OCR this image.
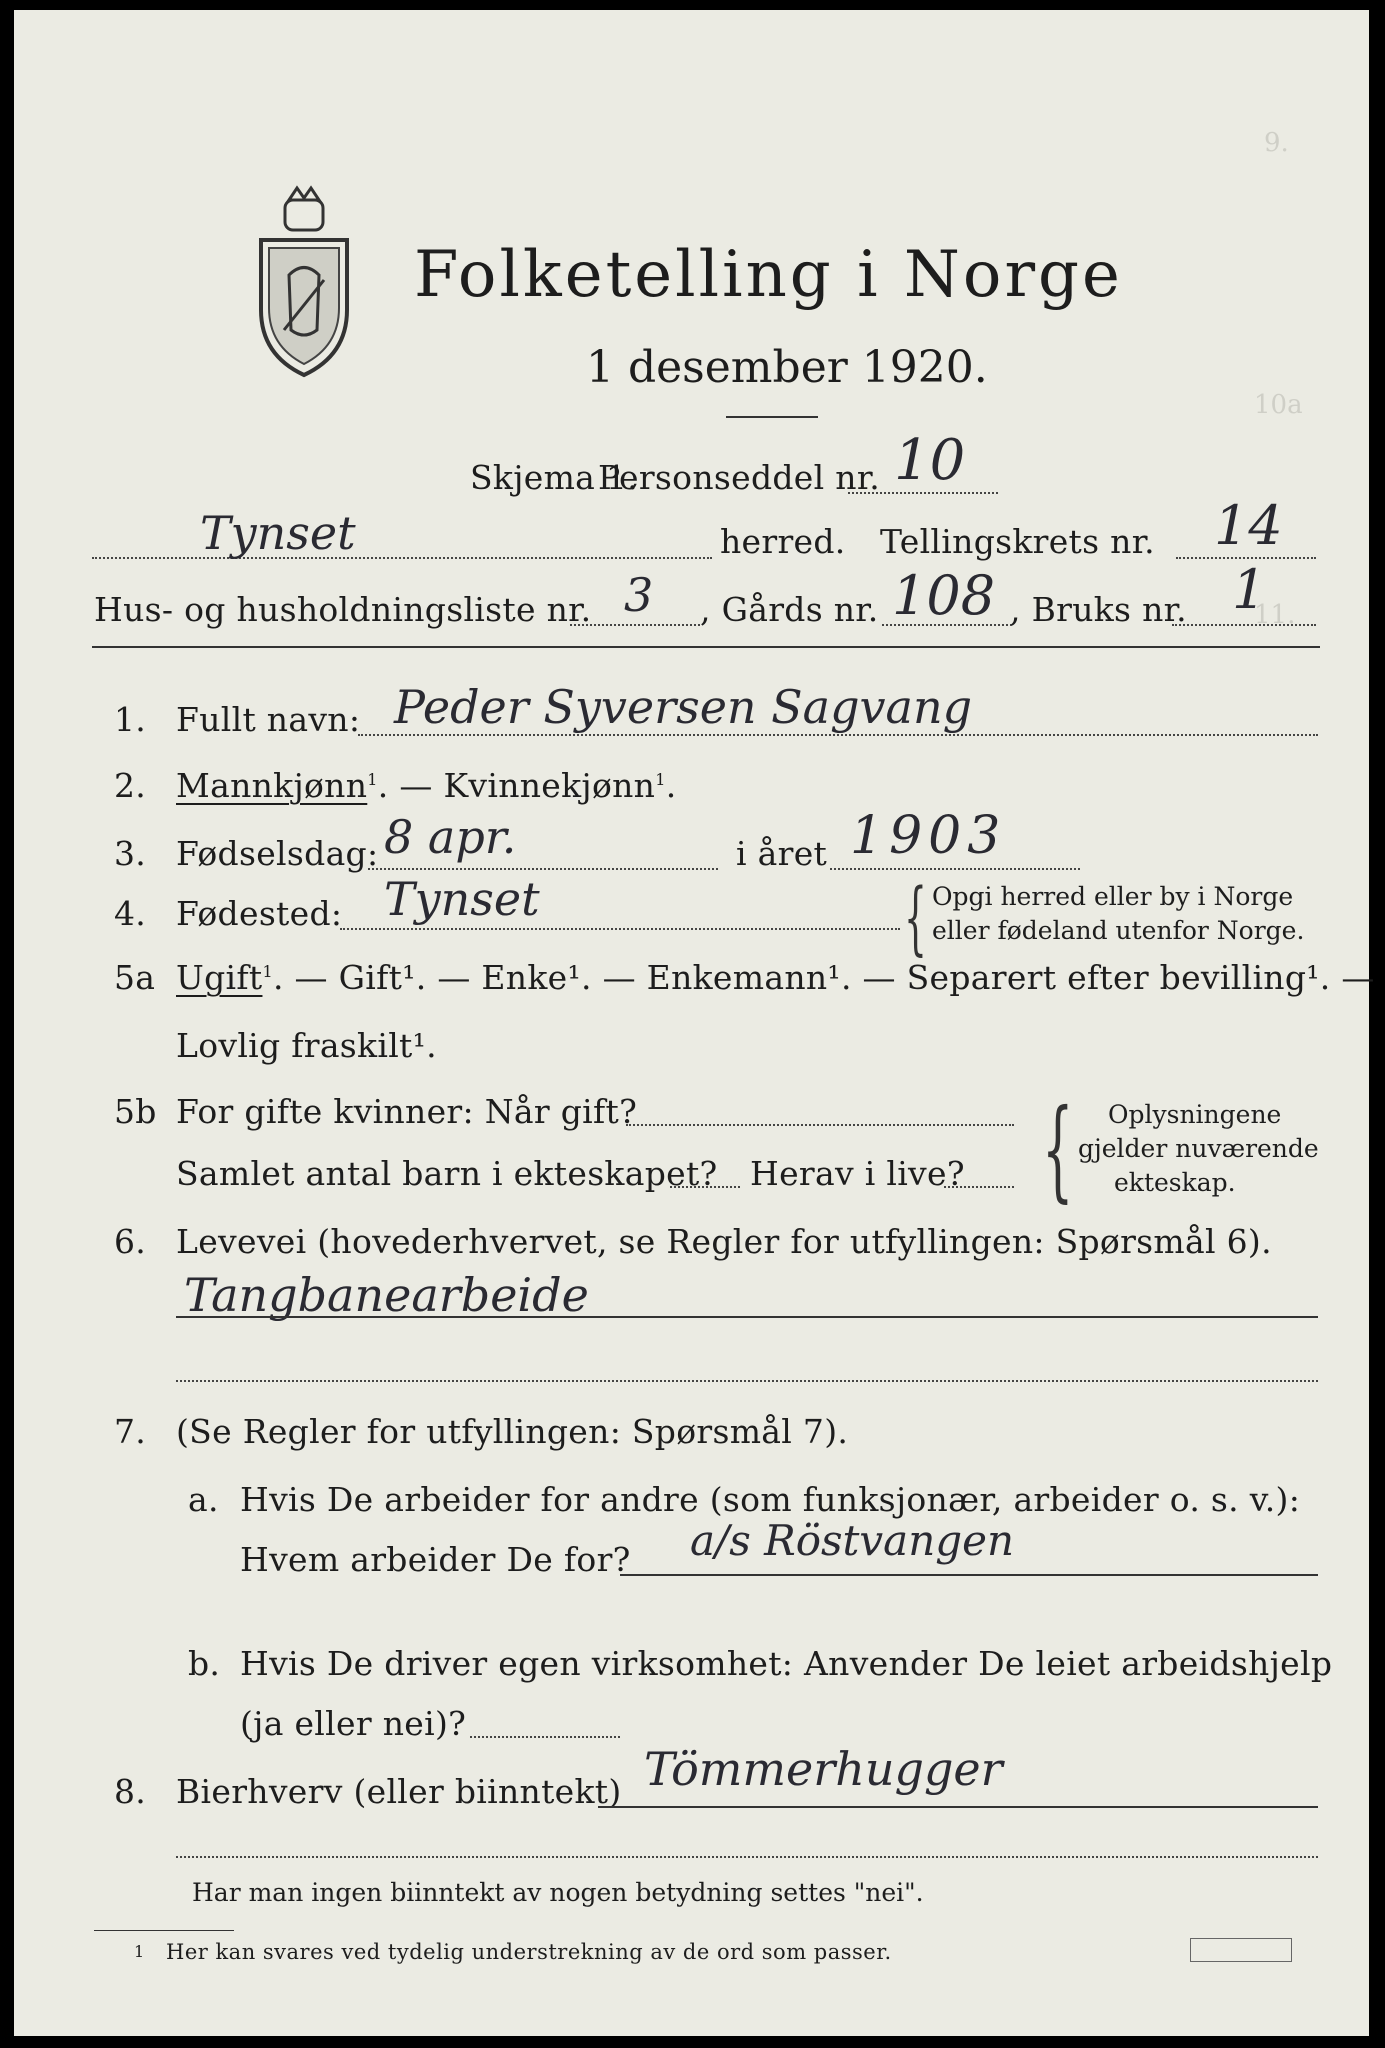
9.
10a
11.
Folketelling i Norge
1 desember 1920.
Skjema 1.
Personseddel nr. 10
Tynset	herred. Tellingskrets nr. 14
Hus- og husholdningsliste nr. 3 , Gårds nr. 108 , Bruks nr. 1
1. Fullt navn: Peder Syversen Sagvang
2. Mannkjønn$^1$. — Kvinnekjønn$^1$.
3. Fødselsdag: 8 apr.	i året 1903
4. Fødested: Tynset	{ Opgi herred eller by i Norge
eller fødeland utenfor Norge.
5a Ugift$^1$. — Gift¹. — Enke¹. — Enkemann¹. — Separert efter bevilling¹. —
Lovlig fraskilt¹.
5b For gifte kvinner: Når gift?
Samlet antal barn i ekteskapet? Herav i live? { Oplysningene
gjelder nuværende
ekteskap.
6. Levevei (hovederhvervet, se Regler for utfyllingen: Spørsmål 6).
Tangbanearbeide
7. (Se Regler for utfyllingen: Spørsmål 7).
a. Hvis De arbeider for andre (som funksjonær, arbeider o. s. v.):
Hvem arbeider De for? a/s Röstvangen
b. Hvis De driver egen virksomhet: Anvender De leiet arbeidshjelp
(ja eller nei)?
8. Bierhverv (eller biinntekt) Tömmerhugger
Har man ingen biinntekt av nogen betydning settes "nei".
1 Her kan svares ved tydelig understrekning av de ord som passer.
